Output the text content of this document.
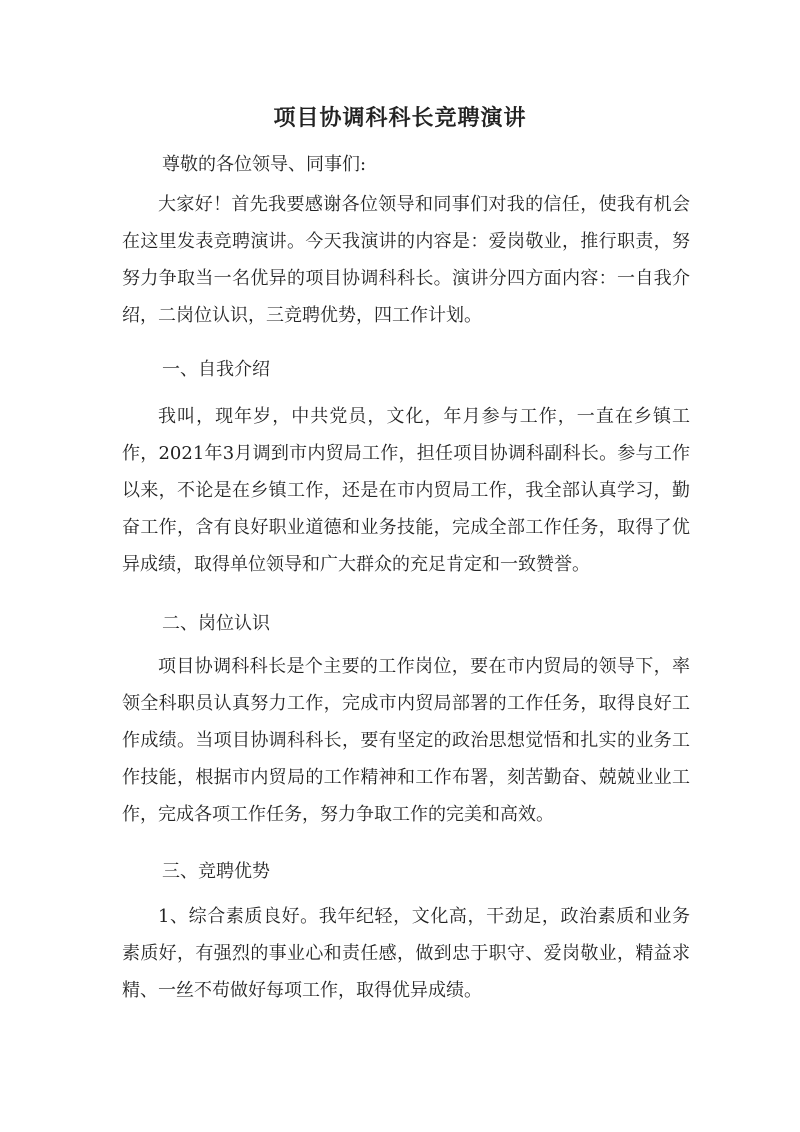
项目协调科科长竞聘演讲

尊敬的各位领导、同事们:

大家好！首先我要感谢各位领导和同事们对我的信任，使我有机会在这里发表竞聘演讲。今天我演讲的内容是：爱岗敬业，推行职责，努努力争取当一名优异的项目协调科科长。演讲分四方面内容：一自我介绍，二岗位认识，三竞聘优势，四工作计划。

一、自我介绍

我叫，现年岁，中共党员，文化，年月参与工作，一直在乡镇工作，2021年3月调到市内贸局工作，担任项目协调科副科长。参与工作以来，不论是在乡镇工作，还是在市内贸局工作，我全部认真学习，勤奋工作，含有良好职业道德和业务技能，完成全部工作任务，取得了优异成绩，取得单位领导和广大群众的充足肯定和一致赞誉。

二、岗位认识

项目协调科科长是个主要的工作岗位，要在市内贸局的领导下，率领全科职员认真努力工作，完成市内贸局部署的工作任务，取得良好工作成绩。当项目协调科科长，要有坚定的政治思想觉悟和扎实的业务工作技能，根据市内贸局的工作精神和工作布署，刻苦勤奋、兢兢业业工作，完成各项工作任务，努力争取工作的完美和高效。

三、竞聘优势

1、综合素质良好。我年纪轻，文化高，干劲足，政治素质和业务素质好，有强烈的事业心和责任感，做到忠于职守、爱岗敬业，精益求精、一丝不苟做好每项工作，取得优异成绩。
